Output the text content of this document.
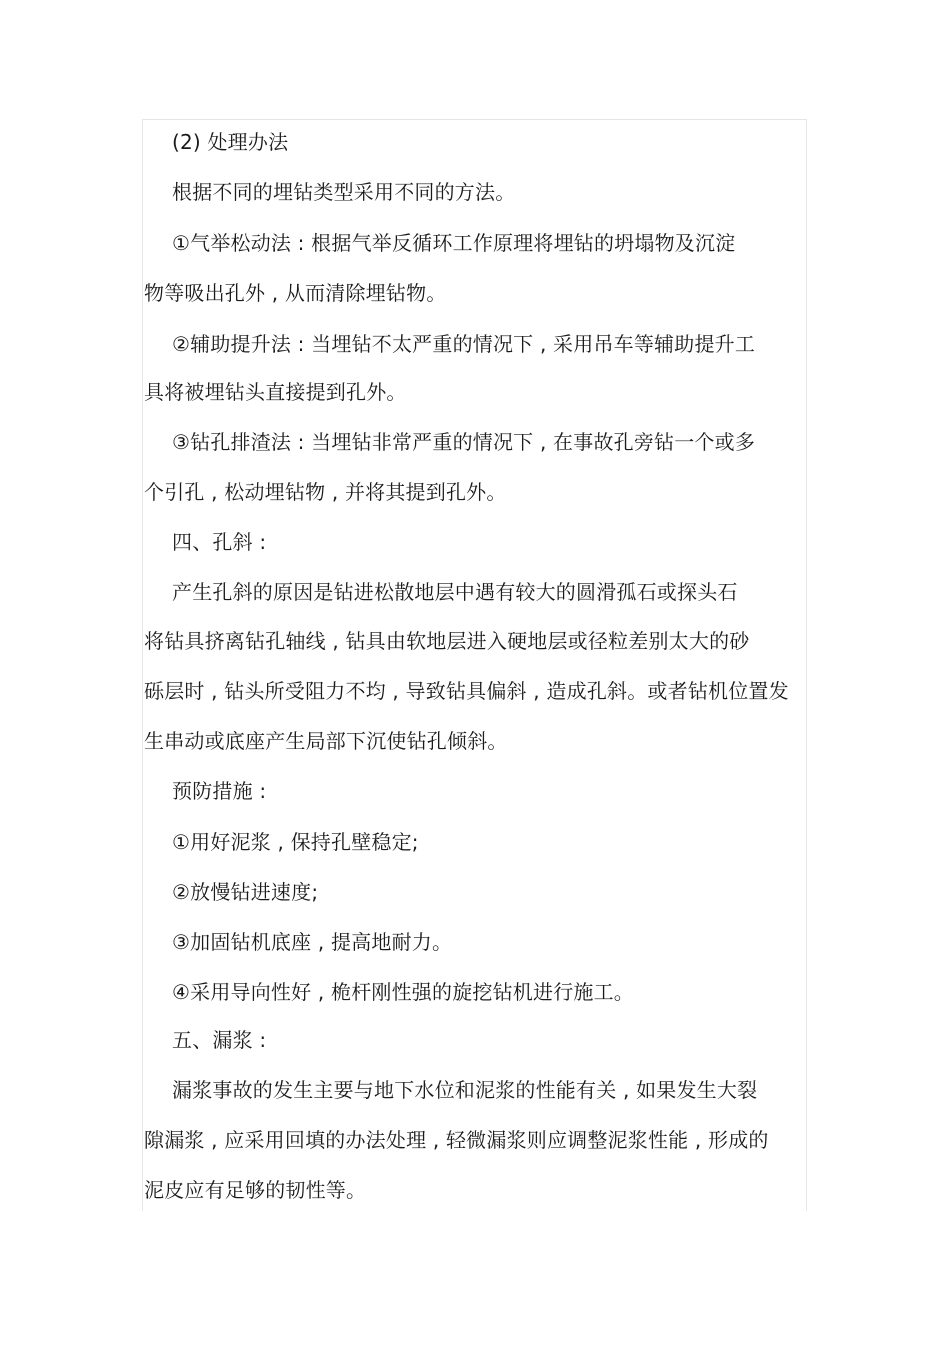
(2) 处理办法
根据不同的埋钻类型采用不同的方法。
①气举松动法 : 根据气举反循环工作原理将埋钻的坍塌物及沉淀
物等吸出孔外 , 从而清除埋钻物。
②辅助提升法 : 当埋钻不太严重的情况下 , 采用吊车等辅助提升工
具将被埋钻头直接提到孔外。
③钻孔排渣法 : 当埋钻非常严重的情况下 , 在事故孔旁钻一个或多
个引孔 , 松动埋钻物 , 并将其提到孔外。
四、孔斜 :
产生孔斜的原因是钻进松散地层中遇有较大的圆滑孤石或探头石
将钻具挤离钻孔轴线 , 钻具由软地层进入硬地层或径粒差别太大的砂
砾层时 , 钻头所受阻力不均 , 导致钻具偏斜 , 造成孔斜。或者钻机位置发
生串动或底座产生局部下沉使钻孔倾斜。
预防措施 :
①用好泥浆 , 保持孔壁稳定;
②放慢钻进速度;
③加固钻机底座 , 提高地耐力。
④采用导向性好 , 桅杆刚性强的旋挖钻机进行施工。
五、漏浆 :
漏浆事故的发生主要与地下水位和泥浆的性能有关 , 如果发生大裂
隙漏浆 , 应采用回填的办法处理 , 轻微漏浆则应调整泥浆性能 , 形成的
泥皮应有足够的韧性等。
